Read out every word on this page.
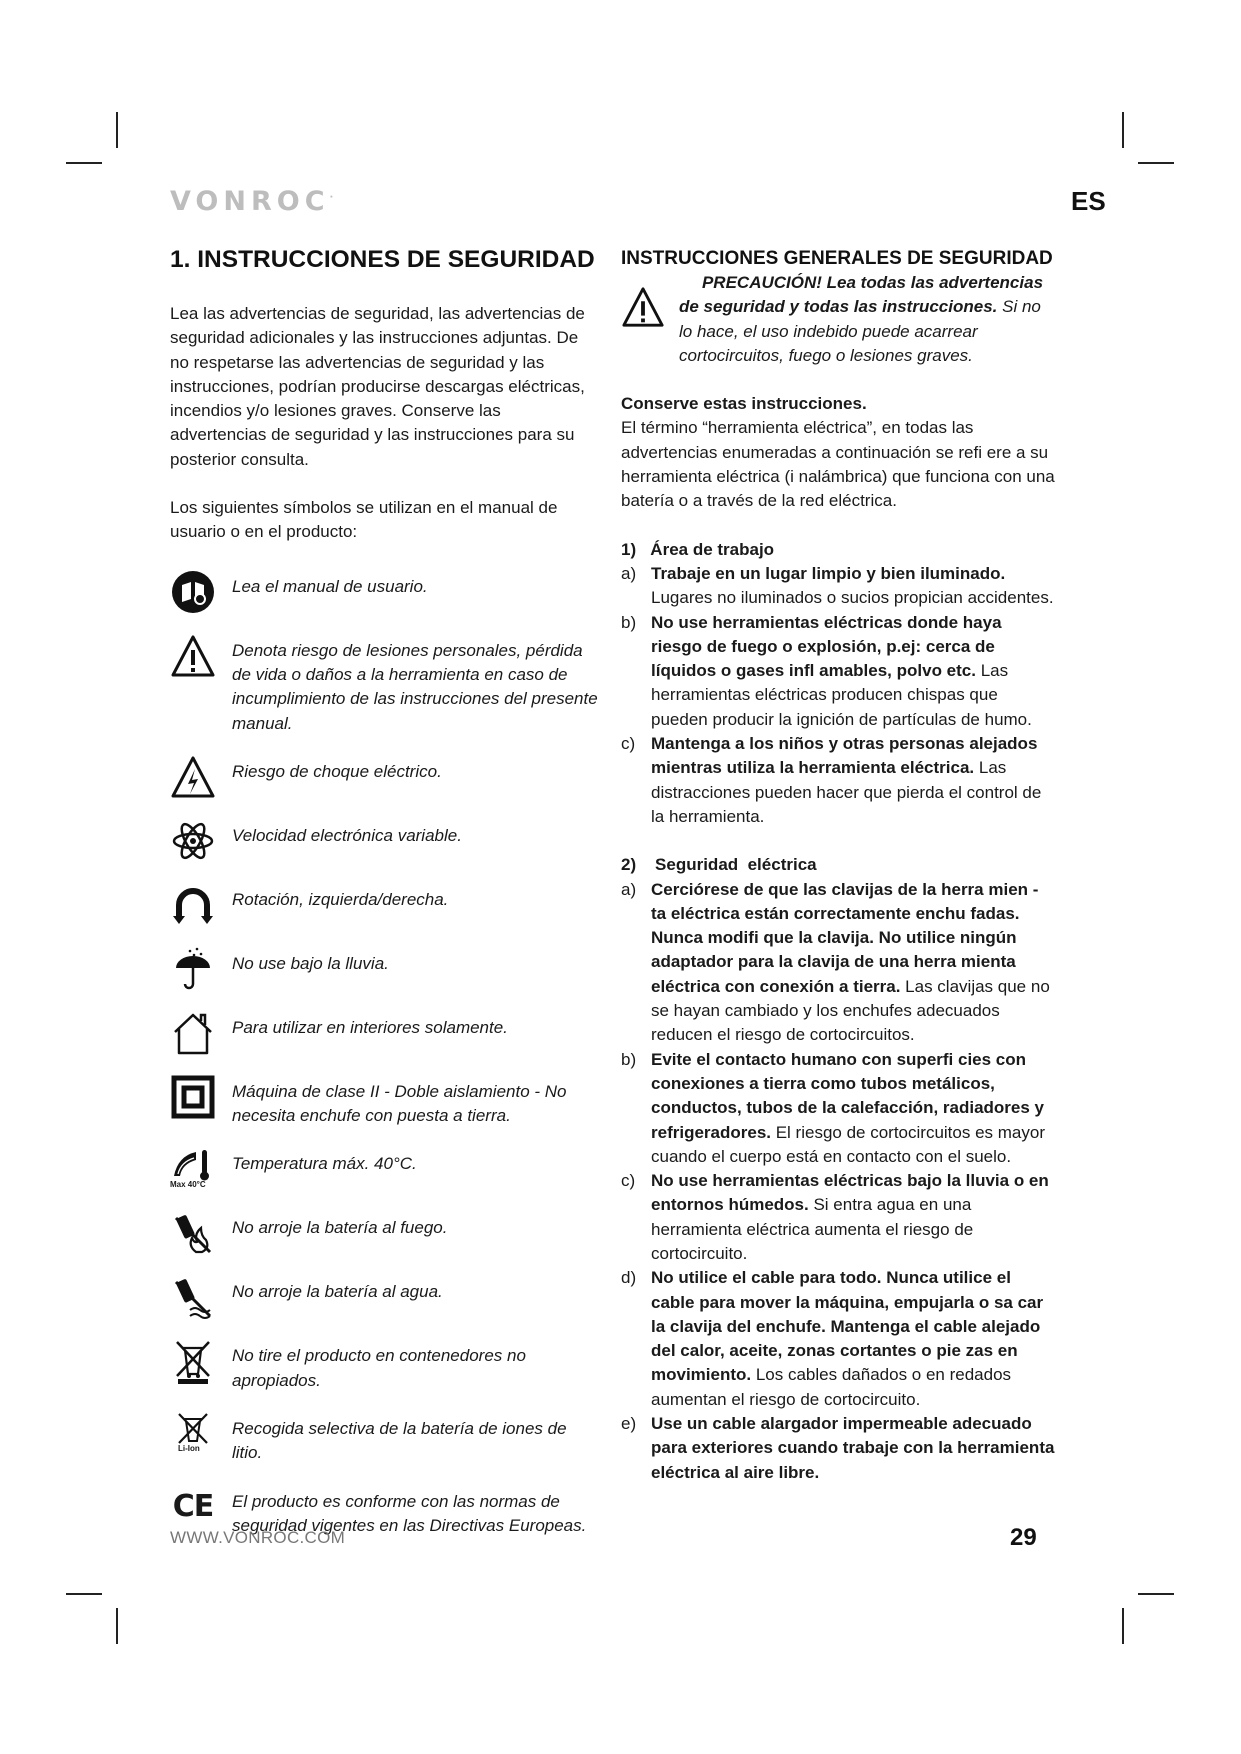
VONROC·	ES
1. INSTRUCCIONES DE SEGURIDAD

Lea las advertencias de seguridad, las advertencias de seguridad adicionales y las instrucciones adjuntas. De no respetarse las advertencias de seguridad y las instrucciones, podrían producirse descargas eléctricas, incendios y/o lesiones graves. Conserve las advertencias de seguridad y las instrucciones para su posterior consulta.

Los siguientes símbolos se utilizan en el manual de usuario o en el producto:

Lea el manual de usuario.
Denota riesgo de lesiones personales, pérdida de vida o daños a la herramienta en caso de incumplimiento de las instrucciones del presente manual.
Riesgo de choque eléctrico.
Velocidad electrónica variable.
Rotación, izquierda/derecha.
No use bajo la lluvia.
Para utilizar en interiores solamente.
Máquina de clase II - Doble aislamiento - No necesita enchufe con puesta a tierra.
Max 40°C
Temperatura máx. 40°C.
No arroje la batería al fuego.
No arroje la batería al agua.
No tire el producto en contenedores no apropiados.
Li-Ion
Recogida selectiva de la batería de iones de litio.
CE El producto es conforme con las normas de seguridad vigentes en las Directivas Europeas.
INSTRUCCIONES GENERALES DE SEGURIDAD
PRECAUCIÓN! Lea todas las advertencias
de seguridad y todas las instrucciones. Si no lo hace, el uso indebido puede acarrear cortocircuitos, fuego o lesiones graves.

Conserve estas instrucciones.

El término “herramienta eléctrica”, en todas las advertencias enumeradas a continuación se refi ere a su herramienta eléctrica (i nalámbrica) que funciona con una batería o a través de la red eléctrica.

1) Área de trabajo

a) Trabaje en un lugar limpio y bien iluminado. Lugares no iluminados o sucios propician accidentes.
b) No use herramientas eléctricas donde haya riesgo de fuego o explosión, p.ej: cerca de líquidos o gases infl amables, polvo etc. Las herramientas eléctricas producen chispas que pueden producir la ignición de partículas de humo.
c) Mantenga a los niños y otras personas alejados mientras utiliza la herramienta eléctrica. Las distracciones pueden hacer que pierda el control de la herramienta.

2) Seguridad  eléctrica

a) Cerciórese de que las clavijas de la herra mien - ta eléctrica están correctamente enchu fadas. Nunca modifi que la clavija. No utilice ningún adaptador para la clavija de una herra mienta eléctrica con conexión a tierra. Las clavijas que no se hayan cambiado y los enchufes adecuados reducen el riesgo de cortocircuitos.
b) Evite el contacto humano con superfi cies con conexiones a tierra como tubos metálicos, conductos, tubos de la calefacción, radiadores y refrigeradores. El riesgo de cortocircuitos es mayor cuando el cuerpo está en contacto con el suelo.
c) No use herramientas eléctricas bajo la lluvia o en entornos húmedos. Si entra agua en una herramienta eléctrica aumenta el riesgo de cortocircuito.
d) No utilice el cable para todo. Nunca utilice el cable para mover la máquina, empujarla o sa car la clavija del enchufe. Mantenga el cable alejado del calor, aceite, zonas cortantes o pie zas en movimiento. Los cables dañados o en redados aumentan el riesgo de cortocircuito.
e) Use un cable alargador impermeable adecuado para exteriores cuando trabaje con la herramienta eléctrica al aire libre.
WWW.VONROC.COM	29
